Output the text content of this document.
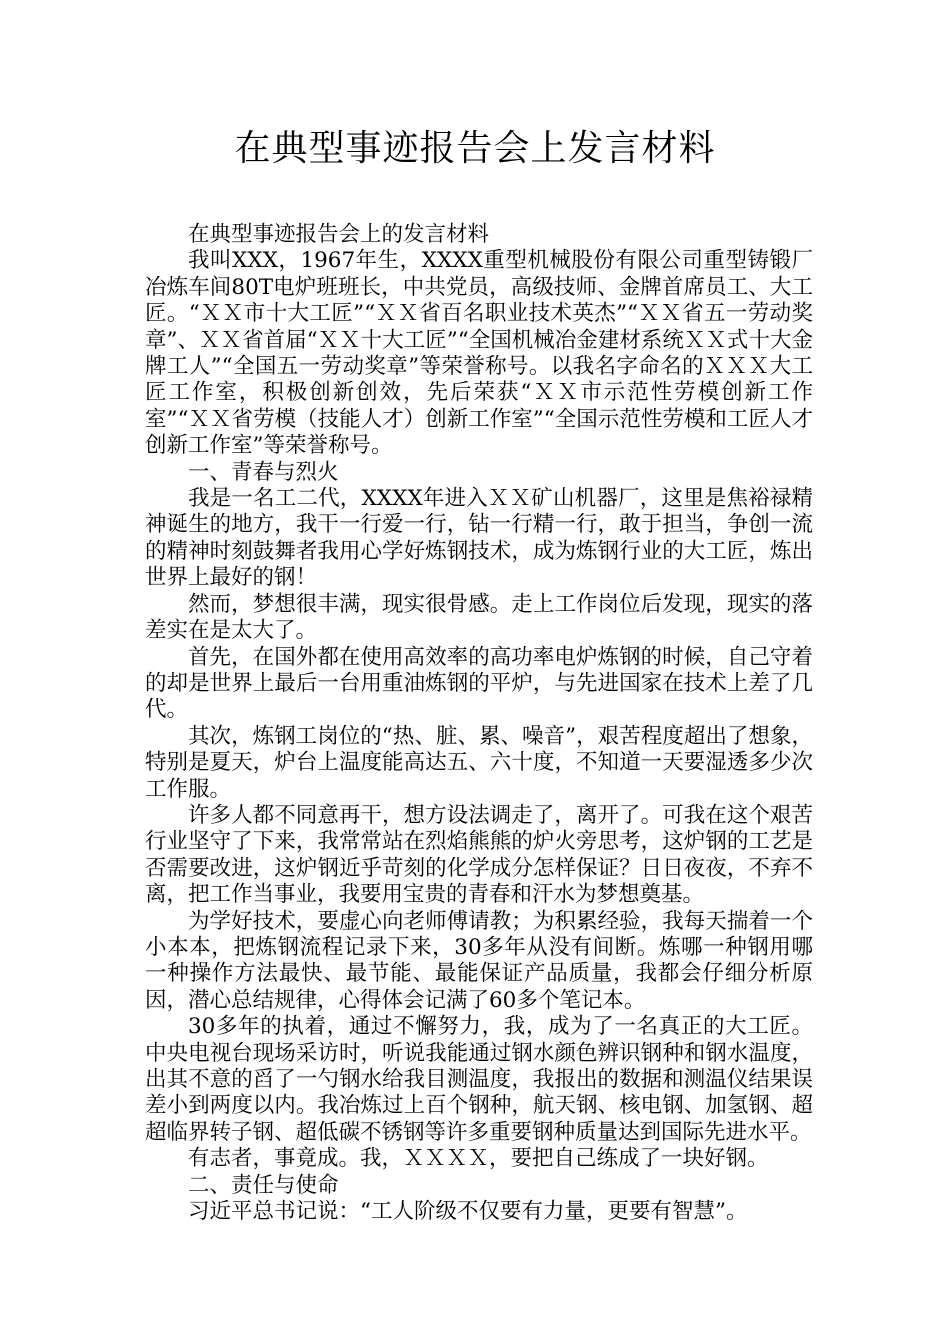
在典型事迹报告会上发言材料

在典型事迹报告会上的发言材料

我叫XXX，1967年生，XXXX重型机械股份有限公司重型铸锻厂冶炼车间80T电炉班班长，中共党员，高级技师、金牌首席员工、大工匠。“ＸＸ市十大工匠”“ＸＸ省百名职业技术英杰”“ＸＸ省五一劳动奖章”、ＸＸ省首届“ＸＸ十大工匠”“全国机械冶金建材系统ＸＸ式十大金牌工人”“全国五一劳动奖章”等荣誉称号。以我名字命名的ＸＸＸ大工匠工作室，积极创新创效，先后荣获“ＸＸ市示范性劳模创新工作室”“ＸＸ省劳模（技能人才）创新工作室”“全国示范性劳模和工匠人才创新工作室”等荣誉称号。

一、青春与烈火

我是一名工二代，XXXX年进入ＸＸ矿山机器厂，这里是焦裕禄精神诞生的地方，我干一行爱一行，钻一行精一行，敢于担当，争创一流的精神时刻鼓舞者我用心学好炼钢技术，成为炼钢行业的大工匠，炼出世界上最好的钢！

然而，梦想很丰满，现实很骨感。走上工作岗位后发现，现实的落差实在是太大了。

首先，在国外都在使用高效率的高功率电炉炼钢的时候，自己守着的却是世界上最后一台用重油炼钢的平炉，与先进国家在技术上差了几代。

其次，炼钢工岗位的“热、脏、累、噪音”，艰苦程度超出了想象，特别是夏天，炉台上温度能高达五、六十度，不知道一天要湿透多少次工作服。

许多人都不同意再干，想方设法调走了，离开了。可我在这个艰苦行业坚守了下来，我常常站在烈焰熊熊的炉火旁思考，这炉钢的工艺是否需要改进，这炉钢近乎苛刻的化学成分怎样保证？日日夜夜，不弃不离，把工作当事业，我要用宝贵的青春和汗水为梦想奠基。

为学好技术，要虚心向老师傅请教；为积累经验，我每天揣着一个小本本，把炼钢流程记录下来，30多年从没有间断。炼哪一种钢用哪一种操作方法最快、最节能、最能保证产品质量，我都会仔细分析原因，潜心总结规律，心得体会记满了60多个笔记本。

30多年的执着，通过不懈努力，我，成为了一名真正的大工匠。中央电视台现场采访时，听说我能通过钢水颜色辨识钢种和钢水温度，出其不意的舀了一勺钢水给我目测温度，我报出的数据和测温仪结果误差小到两度以内。我冶炼过上百个钢种，航天钢、核电钢、加氢钢、超超临界转子钢、超低碳不锈钢等许多重要钢种质量达到国际先进水平。

有志者，事竟成。我，ＸＸＸＸ，要把自己练成了一块好钢。

二、责任与使命

习近平总书记说：“工人阶级不仅要有力量，更要有智慧”。
